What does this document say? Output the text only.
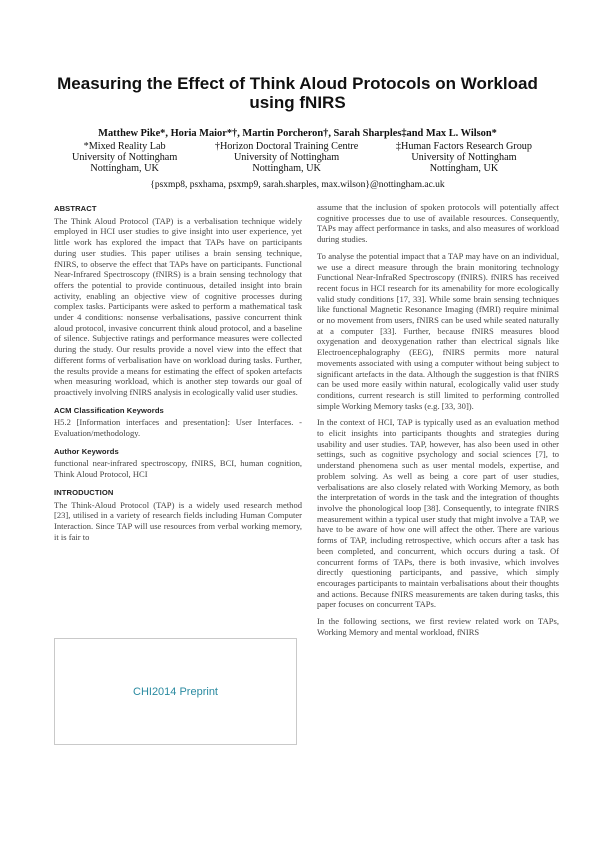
Measuring the Effect of Think Aloud Protocols on Workload using fNIRS
Matthew Pike*, Horia Maior*†, Martin Porcheron†, Sarah Sharples‡and Max L. Wilson*
*Mixed Reality Lab
University of Nottingham
Nottingham, UK
†Horizon Doctoral Training Centre
University of Nottingham
Nottingham, UK
‡Human Factors Research Group
University of Nottingham
Nottingham, UK
{psxmp8, psxhama, psxmp9, sarah.sharples, max.wilson}@nottingham.ac.uk
ABSTRACT

The Think Aloud Protocol (TAP) is a verbalisation technique widely employed in HCI user studies to give insight into user experience, yet little work has explored the impact that TAPs have on participants during user studies. This paper utilises a brain sensing technique, fNIRS, to observe the effect that TAPs have on participants. Functional Near-Infrared Spectroscopy (fNIRS) is a brain sensing technology that offers the potential to provide continuous, detailed insight into brain activity, enabling an objective view of cognitive processes during complex tasks. Participants were asked to perform a mathematical task under 4 conditions: nonsense verbalisations, passive concurrent think aloud protocol, invasive concurrent think aloud protocol, and a baseline of silence. Subjective ratings and performance measures were collected during the study. Our results provide a novel view into the effect that different forms of verbalisation have on workload during tasks. Further, the results provide a means for estimating the effect of spoken artefacts when measuring workload, which is another step towards our goal of proactively involving fNIRS analysis in ecologically valid user studies.

ACM Classification Keywords

H5.2 [Information interfaces and presentation]: User Interfaces. - Evaluation/methodology.

Author Keywords

functional near-infrared spectroscopy, fNIRS, BCI, human cognition, Think Aloud Protocol, HCI

INTRODUCTION

The Think-Aloud Protocol (TAP) is a widely used research method [23], utilised in a variety of research fields including Human Computer Interaction. Since TAP will use resources from verbal working memory, it is fair to

CHI2014 Preprint

assume that the inclusion of spoken protocols will potentially affect cognitive processes due to use of available resources. Consequently, TAPs may affect performance in tasks, and also measures of workload during studies.

To analyse the potential impact that a TAP may have on an individual, we use a direct measure through the brain monitoring technology Functional Near-InfraRed Spectroscopy (fNIRS). fNIRS has received recent focus in HCI research for its amenability for more ecologically valid study conditions [17, 33]. While some brain sensing techniques like functional Magnetic Resonance Imaging (fMRI) require minimal or no movement from users, fNIRS can be used while seated naturally at a computer [33]. Further, because fNIRS measures blood oxygenation and deoxygenation rather than electrical signals like Electroencephalography (EEG), fNIRS permits more natural movements associated with using a computer without being subject to significant artefacts in the data. Although the suggestion is that fNIRS can be used more easily within natural, ecologically valid user study conditions, current research is still limited to performing controlled simple Working Memory tasks (e.g. [33, 30]).

In the context of HCI, TAP is typically used as an evaluation method to elicit insights into participants thoughts and strategies during usability and user studies. TAP, however, has also been used in other settings, such as cognitive psychology and social sciences [7], to understand phenomena such as user mental models, expertise, and problem solving. As well as being a core part of user studies, verbalisations are also closely related with Working Memory, as both the interpretation of words in the task and the integration of thoughts involve the phonological loop [38]. Consequently, to integrate fNIRS measurement within a typical user study that might involve a TAP, we have to be aware of how one will affect the other. There are various forms of TAP, including retrospective, which occurs after a task has been completed, and concurrent, which occurs during a task. Of concurrent forms of TAPs, there is both invasive, which involves directly questioning participants, and passive, which simply encourages participants to maintain verbalisations about their thoughts and actions. Because fNIRS measurements are taken during tasks, this paper focuses on concurrent TAPs.

In the following sections, we first review related work on TAPs, Working Memory and mental workload, fNIRS
